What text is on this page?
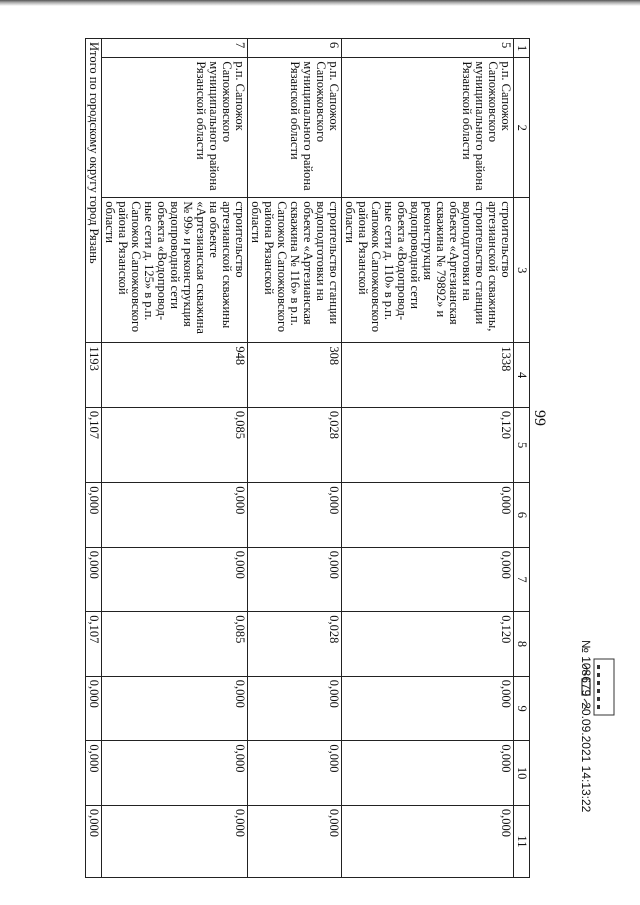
99
1	2	3	4	5	6	7	8	9	10	11
5	р.п. Сапожок Сапожковского муниципального района Рязанской области	строительство артезианской скважины, строительство станции водоподготовки на объекте «Артезианская скважина № 79892» и реконструкция водопроводной сети объекта «Водопровод-ные сети д. 110» в р.п. Сапожок Сапожковского района Рязанской области	1338	0,120	0,000	0,000	0,120	0,000	0,000	0,000
6	р.п. Сапожок Сапожковского муниципального района Рязанской области	строительство станции водоподготовки на объекте «Артезианская скважина № 116» в р.п. Сапожок Сапожковского района Рязанской области	308	0,028	0,000	0,000	0,028	0,000	0,000	0,000
7	р.п. Сапожок Сапожковского муниципального района Рязанской области	строительство артезианской скважины на объекте «Артезианская скважина № 99» и реконструкция водопроводной сети объекта «Водопровод-ные сети д. 125» в р.п. Сапожок Сапожковского района Рязанской области	948	0,085	0,000	0,000	0,085	0,000	0,000	0,000
Итого по городскому округу город Рязань			1193	0,107	0,000	0,000	0,107	0,000	0,000	0,000
№ 108679
20.09.2021 14:13:22
